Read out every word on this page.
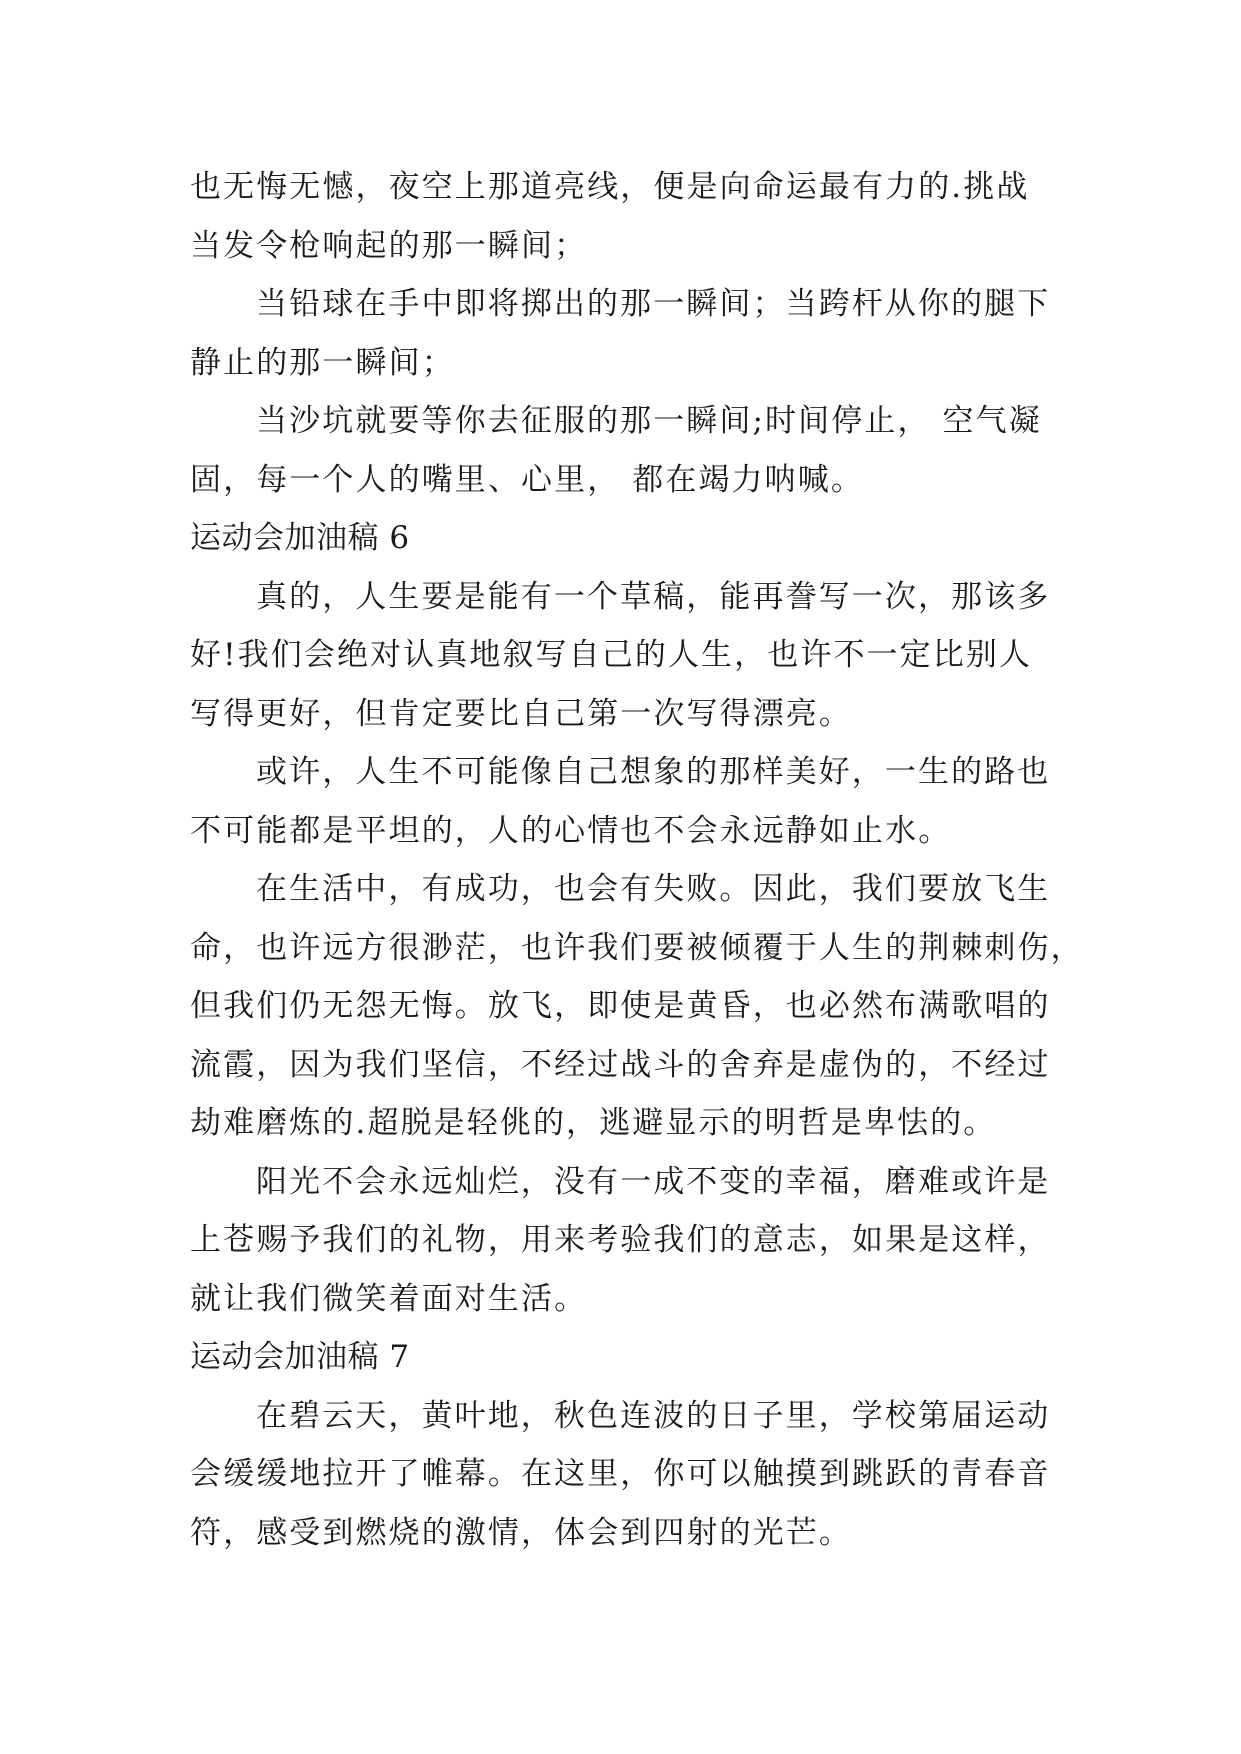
也无悔无憾，夜空上那道亮线，便是向命运最有力的.挑战
当发令枪响起的那一瞬间；
当铅球在手中即将掷出的那一瞬间；当跨杆从你的腿下
静止的那一瞬间；
当沙坑就要等你去征服的那一瞬间;时间停止， 空气凝
固，每一个人的嘴里、心里， 都在竭力呐喊。
运动会加油稿 6
真的，人生要是能有一个草稿，能再誊写一次，那该多
好!我们会绝对认真地叙写自己的人生，也许不一定比别人
写得更好，但肯定要比自己第一次写得漂亮。
或许，人生不可能像自己想象的那样美好，一生的路也
不可能都是平坦的，人的心情也不会永远静如止水。
在生活中，有成功，也会有失败。因此，我们要放飞生
命，也许远方很渺茫，也许我们要被倾覆于人生的荆棘刺伤，
但我们仍无怨无悔。放飞，即使是黄昏，也必然布满歌唱的
流霞，因为我们坚信，不经过战斗的舍弃是虚伪的，不经过
劫难磨炼的.超脱是轻佻的，逃避显示的明哲是卑怯的。
阳光不会永远灿烂，没有一成不变的幸福，磨难或许是
上苍赐予我们的礼物，用来考验我们的意志，如果是这样，
就让我们微笑着面对生活。
运动会加油稿 7
在碧云天，黄叶地，秋色连波的日子里，学校第届运动
会缓缓地拉开了帷幕。在这里，你可以触摸到跳跃的青春音
符，感受到燃烧的激情，体会到四射的光芒。
